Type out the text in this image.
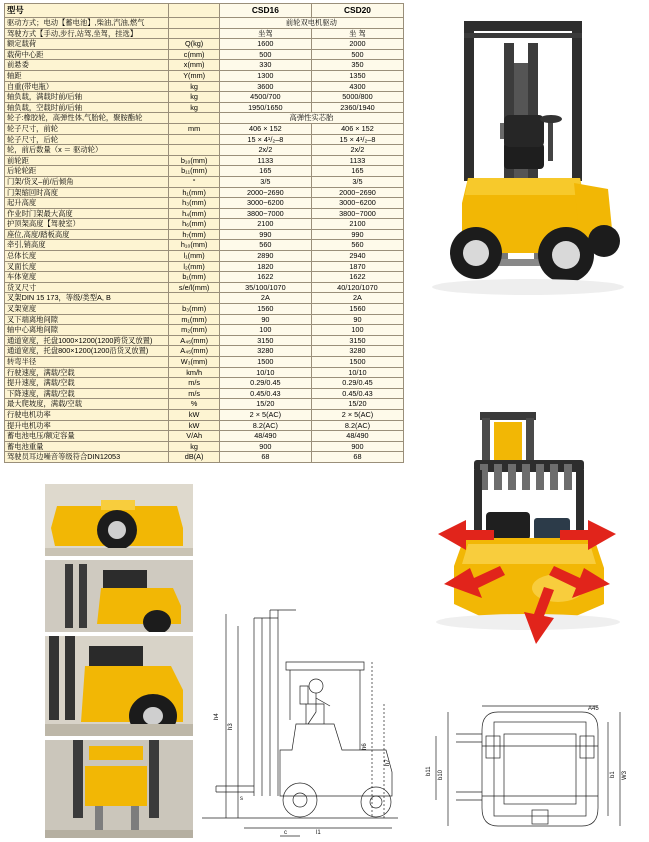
型号		CSD16	CSD20
驱动方式；电动【蓄电池】,柴油,汽油,燃气		前轮双电机驱动	
驾驶方式【手动,步行,站驾,坐驾，挂选】		坐驾	坐 驾
额定载荷	Q(kg)	1600	2000
载荷中心距	c(mm)	500	500
前悬委	x(mm)	330	350
轴距	Y(mm)	1300	1350
自重(带电瓶）	kg	3600	4300
轴负载，满载时前/后轴	kg	4500/700	5000/800
轴负载，空载时前/后轴	kg	1950/1650	2360/1940
轮子:橡胶轮，高弹性体,气胎轮，聚胺酯轮		高弹性实芯胎	
轮子尺寸，前轮	mm	406 × 152	406 × 152
轮子尺寸，后轮		15 × 4¹/₂–8	15 × 4¹/₂–8
轮，前后数量（x ＝ 驱动轮）		2x/2	2x/2
前轮距	b₁₀(mm)	1133	1133
后轮轮距	b₁₁(mm)	165	165
门架/货叉–前/后倾角	°	3/5	3/5
门架缩回时高度	h₁(mm)	2000~2690	2000~2690
起升高度	h₃(mm)	3000~6200	3000~6200
作业时门架最大高度	h₄(mm)	3800~7000	3800~7000
护顶架高度【驾驶室）	h₆(mm)	2100	2100
座位,高度/踏板高度	h₇(mm)	990	990
牵引,销高度	h₁₀(mm)	560	560
总体长度	l₁(mm)	2890	2940
叉面长度	l₂(mm)	1820	1870
车体宽度	b₁(mm)	1622	1622
货叉尺寸	s/e/l(mm)	35/100/1070	40/120/1070
叉架DIN 15 173，等级/类型A, B		2A	2A
叉架宽度	b₃(mm)	1560	1560
叉下端离地间隙	m₁(mm)	90	90
轴中心离地间隙	m₂(mm)	100	100
通道宽度，托盘1000×1200(1200跨货叉放置)	A₄₅(mm)	3150	3150
通道宽度，托盘800×1200(1200沿货叉放置)	A₄₅(mm)	3280	3280
转弯半径	W₃(mm)	1500	1500
行驶速度，满载/空载	km/h	10/10	10/10
提升速度，满载/空载	m/s	0.29/0.45	0.29/0.45
下降速度，满载/空载	m/s	0.45/0.43	0.45/0.43
最大爬坡度，满载/空载	%	15/20	15/20
行驶电机功率	kW	2 × 5(AC)	2 × 5(AC)
提升电机功率	kW	8.2(AC)	8.2(AC)
蓄电池电压/额定容量	V/Ah	48/490	48/490
蓄电池重量	kg	900	900
驾驶员耳边噪音等级符合DIN12053	dB(A)	68	68
h4
h3
h6
h7
c	l1
s
b11 b10	b1 W3
A45
